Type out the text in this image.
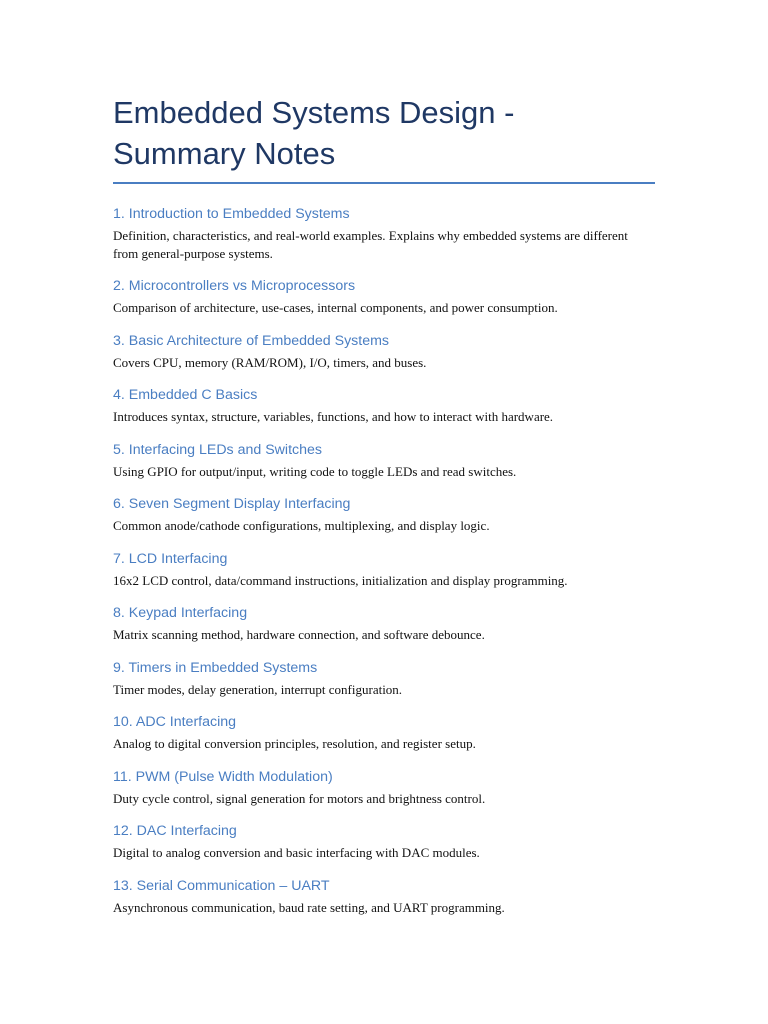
Embedded Systems Design - Summary Notes
1. Introduction to Embedded Systems

Definition, characteristics, and real-world examples. Explains why embedded systems are different from general-purpose systems.

2. Microcontrollers vs Microprocessors

Comparison of architecture, use-cases, internal components, and power consumption.

3. Basic Architecture of Embedded Systems

Covers CPU, memory (RAM/ROM), I/O, timers, and buses.

4. Embedded C Basics

Introduces syntax, structure, variables, functions, and how to interact with hardware.

5. Interfacing LEDs and Switches

Using GPIO for output/input, writing code to toggle LEDs and read switches.

6. Seven Segment Display Interfacing

Common anode/cathode configurations, multiplexing, and display logic.

7. LCD Interfacing

16x2 LCD control, data/command instructions, initialization and display programming.

8. Keypad Interfacing

Matrix scanning method, hardware connection, and software debounce.

9. Timers in Embedded Systems

Timer modes, delay generation, interrupt configuration.

10. ADC Interfacing

Analog to digital conversion principles, resolution, and register setup.

11. PWM (Pulse Width Modulation)

Duty cycle control, signal generation for motors and brightness control.

12. DAC Interfacing

Digital to analog conversion and basic interfacing with DAC modules.

13. Serial Communication – UART

Asynchronous communication, baud rate setting, and UART programming.
